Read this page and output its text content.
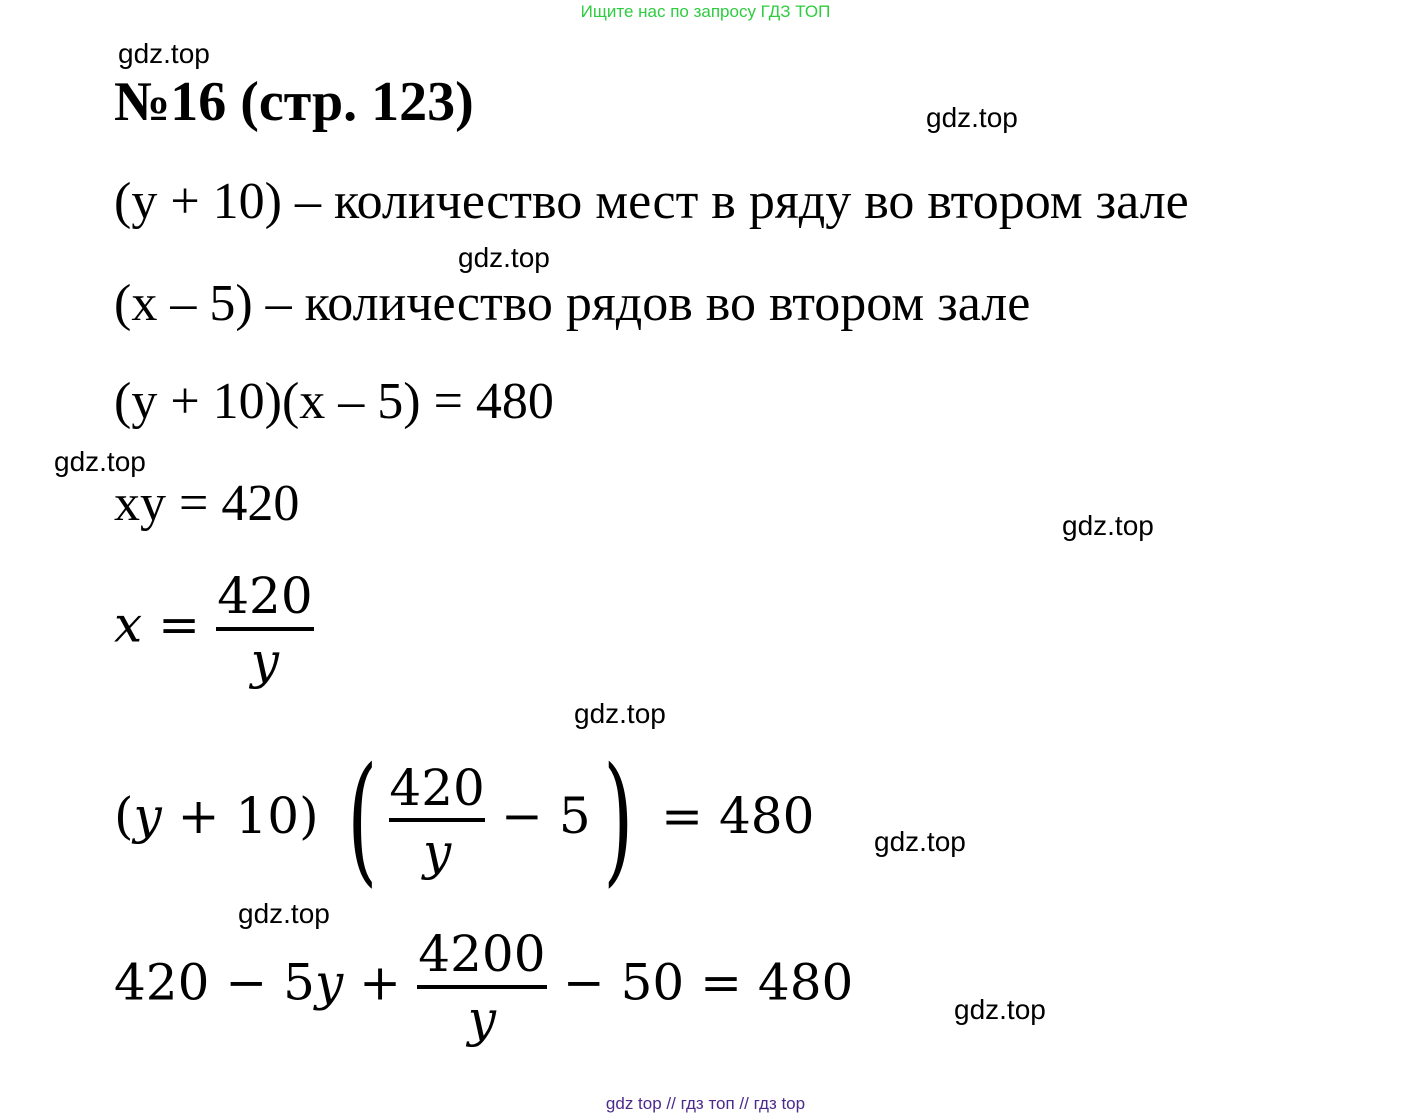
Ищите нас по запросу ГДЗ ТОП
gdz.top
gdz.top
gdz.top
gdz.top
gdz.top
gdz.top
gdz.top
gdz.top
gdz.top
№16 (стр. 123)
(y + 10) – количество мест в ряду во втором зале
(x – 5) – количество рядов во втором зале
(y + 10)(x – 5) = 480
xy = 420
$x = \frac{420}{y}$
(y + 10) ( $\frac{420}{y} - 5) = 480$
$420 - 5y + \frac{4200}{y} - 50 = 480$
gdz top // гдз топ // гдз top
